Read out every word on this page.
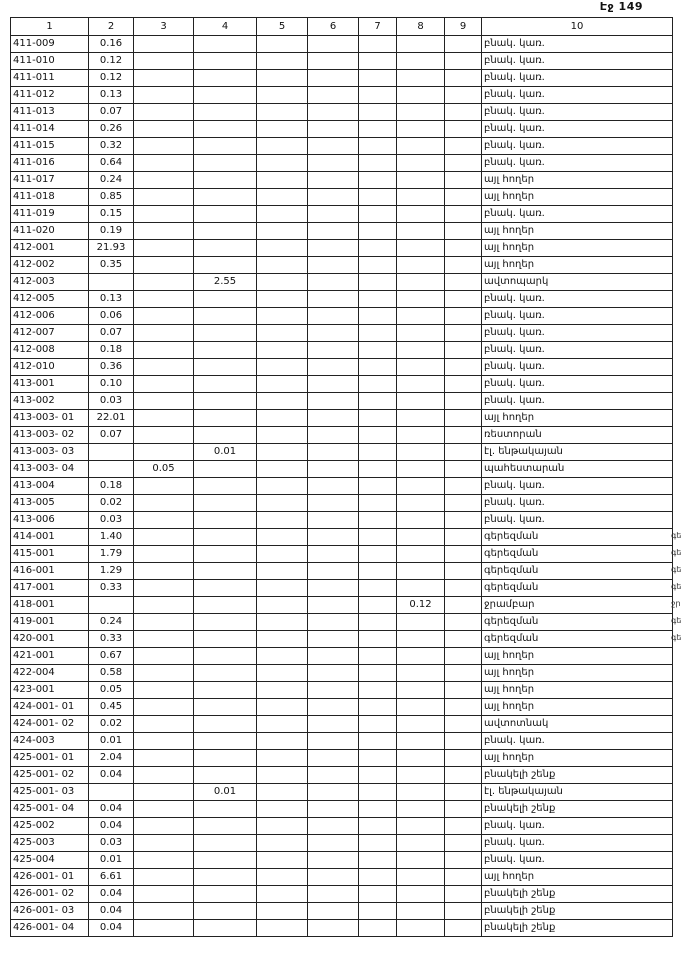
Էջ 149
1	2	3	4	5	6	7	8	9	10
411-009	0.16								բնակ. կառ.
411-010	0.12								բնակ. կառ.
411-011	0.12								բնակ. կառ.
411-012	0.13								բնակ. կառ.
411-013	0.07								բնակ. կառ.
411-014	0.26								բնակ. կառ.
411-015	0.32								բնակ. կառ.
411-016	0.64								բնակ. կառ.
411-017	0.24								այլ հողեր
411-018	0.85								այլ հողեր
411-019	0.15								բնակ. կառ.
411-020	0.19								այլ հողեր
412-001	21.93								այլ հողեր
412-002	0.35								այլ հողեր
412-003			2.55						ավտոպարկ
412-005	0.13								բնակ. կառ.
412-006	0.06								բնակ. կառ.
412-007	0.07								բնակ. կառ.
412-008	0.18								բնակ. կառ.
412-010	0.36								բնակ. կառ.
413-001	0.10								բնակ. կառ.
413-002	0.03								բնակ. կառ.
413-003- 01	22.01								այլ հողեր
413-003- 02	0.07								ռեստորան
413-003- 03			0.01						էլ. ենթակայան
413-003- 04		0.05							պահեստարան
413-004	0.18								բնակ. կառ.
413-005	0.02								բնակ. կառ.
413-006	0.03								բնակ. կառ.
414-001	1.40								գերեզման
415-001	1.79								գերեզման
416-001	1.29								գերեզման
417-001	0.33								գերեզման
418-001							0.12		ջրամբար
419-001	0.24								գերեզման
420-001	0.33								գերեզման
421-001	0.67								այլ հողեր
422-004	0.58								այլ հողեր
423-001	0.05								այլ հողեր
424-001- 01	0.45								այլ հողեր
424-001- 02	0.02								ավտոտնակ
424-003	0.01								բնակ. կառ.
425-001- 01	2.04								այլ հողեր
425-001- 02	0.04								բնակելի շենք
425-001- 03			0.01						էլ. ենթակայան
425-001- 04	0.04								բնակելի շենք
425-002	0.04								բնակ. կառ.
425-003	0.03								բնակ. կառ.
425-004	0.01								բնակ. կառ.
426-001- 01	6.61								այլ հողեր
426-001- 02	0.04								բնակելի շենք
426-001- 03	0.04								բնակելի շենք
426-001- 04	0.04								բնակելի շենք
գե
գե
գե
գե
ջր
գե
գե
